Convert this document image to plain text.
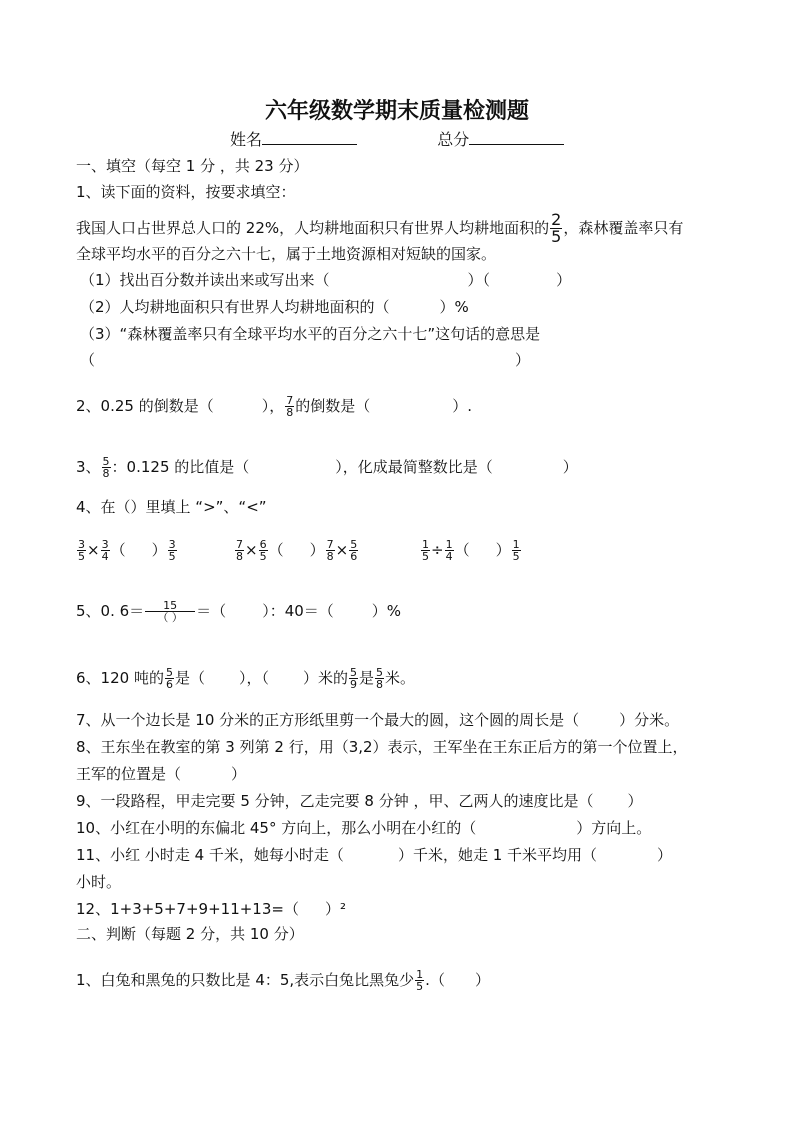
六年级数学期末质量检测题
姓名	总分
一、填空（每空 1 分 ，共 23 分）
1、读下面的资料，按要求填空：
我国人口占世界总人口的 22%，人均耕地面积只有世界人均耕地面积的 $\frac{2}{5}$ ，森林覆盖率只有
全球平均水平的百分之六十七，属于土地资源相对短缺的国家。
（1）找出百分数并读出来或写出来（	）（	）
（2）人均耕地面积只有世界人均耕地面积的（	）%
（3）“森林覆盖率只有全球平均水平的百分之六十七”这句话的意思是
（	）
2、0.25 的倒数是（	）， $\frac{7}{8}$ 的倒数是（	）.
3、 $\frac{5}{8}$ ：0.125 的比值是（	），化成最简整数比是（	）
4、在（）里填上 “>”、“<”
$\frac{3}{5} \times \frac{3}{4}$ （ ） $\frac{3}{5}$	$\frac{7}{8} \times \frac{6}{5}$ （ ） $\frac{7}{8} \times \frac{5}{6}$	$\frac{1}{5} \div \frac{1}{4}$ （ ） $\frac{1}{5}$
5、0. $6= \frac{15}{( )}$ ＝（ ）：40＝（	）%
6、120 吨的 $\frac{5}{6}$ 是（ ），（ ）米的 $\frac{5}{9}$ 是 $\frac{5}{8}$ 米。
7、从一个边长是 10 分米的正方形纸里剪一个最大的圆，这个圆的周长是（	）分米。
8、王东坐在教室的第 3 列第 2 行，用（3,2）表示，王军坐在王东正后方的第一个位置上，
王军的位置是（	）
9、一段路程，甲走完要 5 分钟，乙走完要 8 分钟 ，甲、乙两人的速度比是（ ）
10、小红在小明的东偏北 45° 方向上，那么小明在小红的（	）方向上。
11、小红 小时走 4 千米，她每小时走（	）千米，她走 1 千米平均用（	）
小时。
12、1+3+5+7+9+11+13=（ ）²
二、判断（每题 2 分，共 10 分）
1、白兔和黑兔的只数比是 4：5,表示白兔比黑兔少 $\frac{1}{5}$ .（ ）
